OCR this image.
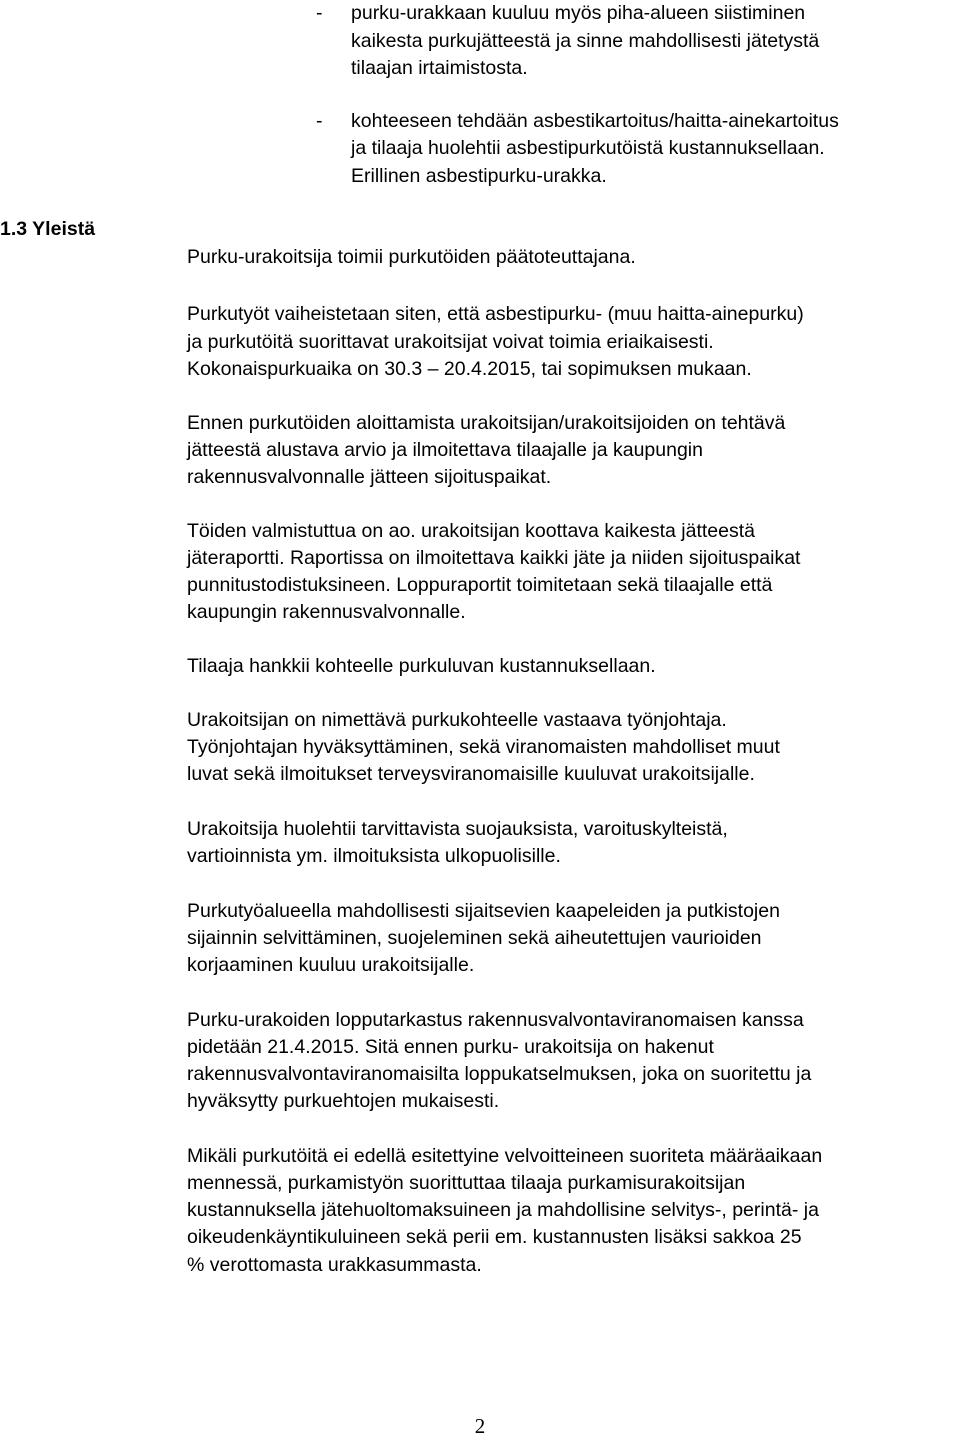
- purku-urakkaan kuuluu myös piha-alueen siistiminen
kaikesta purkujätteestä ja sinne mahdollisesti jätetystä
tilaajan irtaimistosta.
- kohteeseen tehdään asbestikartoitus/haitta-ainekartoitus
ja tilaaja huolehtii asbestipurkutöistä kustannuksellaan.
Erillinen asbestipurku-urakka.
1.3 Yleistä
Purku-urakoitsija toimii purkutöiden päätoteuttajana.
Purkutyöt vaiheistetaan siten, että asbestipurku- (muu haitta-ainepurku)
ja purkutöitä suorittavat urakoitsijat voivat toimia eriaikaisesti.
Kokonaispurkuaika on 30.3 – 20.4.2015, tai sopimuksen mukaan.
Ennen purkutöiden aloittamista urakoitsijan/urakoitsijoiden on tehtävä
jätteestä alustava arvio ja ilmoitettava tilaajalle ja kaupungin
rakennusvalvonnalle jätteen sijoituspaikat.
Töiden valmistuttua on ao. urakoitsijan koottava kaikesta jätteestä
jäteraportti. Raportissa on ilmoitettava kaikki jäte ja niiden sijoituspaikat
punnitustodistuksineen. Loppuraportit toimitetaan sekä tilaajalle että
kaupungin rakennusvalvonnalle.
Tilaaja hankkii kohteelle purkuluvan kustannuksellaan.
Urakoitsijan on nimettävä purkukohteelle vastaava työnjohtaja.
Työnjohtajan hyväksyttäminen, sekä viranomaisten mahdolliset muut
luvat sekä ilmoitukset terveysviranomaisille kuuluvat urakoitsijalle.
Urakoitsija huolehtii tarvittavista suojauksista, varoituskylteistä,
vartioinnista ym. ilmoituksista ulkopuolisille.
Purkutyöalueella mahdollisesti sijaitsevien kaapeleiden ja putkistojen
sijainnin selvittäminen, suojeleminen sekä aiheutettujen vaurioiden
korjaaminen kuuluu urakoitsijalle.
Purku-urakoiden lopputarkastus rakennusvalvontaviranomaisen kanssa
pidetään 21.4.2015. Sitä ennen purku- urakoitsija on hakenut
rakennusvalvontaviranomaisilta loppukatselmuksen, joka on suoritettu ja
hyväksytty purkuehtojen mukaisesti.
Mikäli purkutöitä ei edellä esitettyine velvoitteineen suoriteta määräaikaan
mennessä, purkamistyön suorittuttaa tilaaja purkamisurakoitsijan
kustannuksella jätehuoltomaksuineen ja mahdollisine selvitys-, perintä- ja
oikeudenkäyntikuluineen sekä perii em. kustannusten lisäksi sakkoa 25
% verottomasta urakkasummasta.
2
